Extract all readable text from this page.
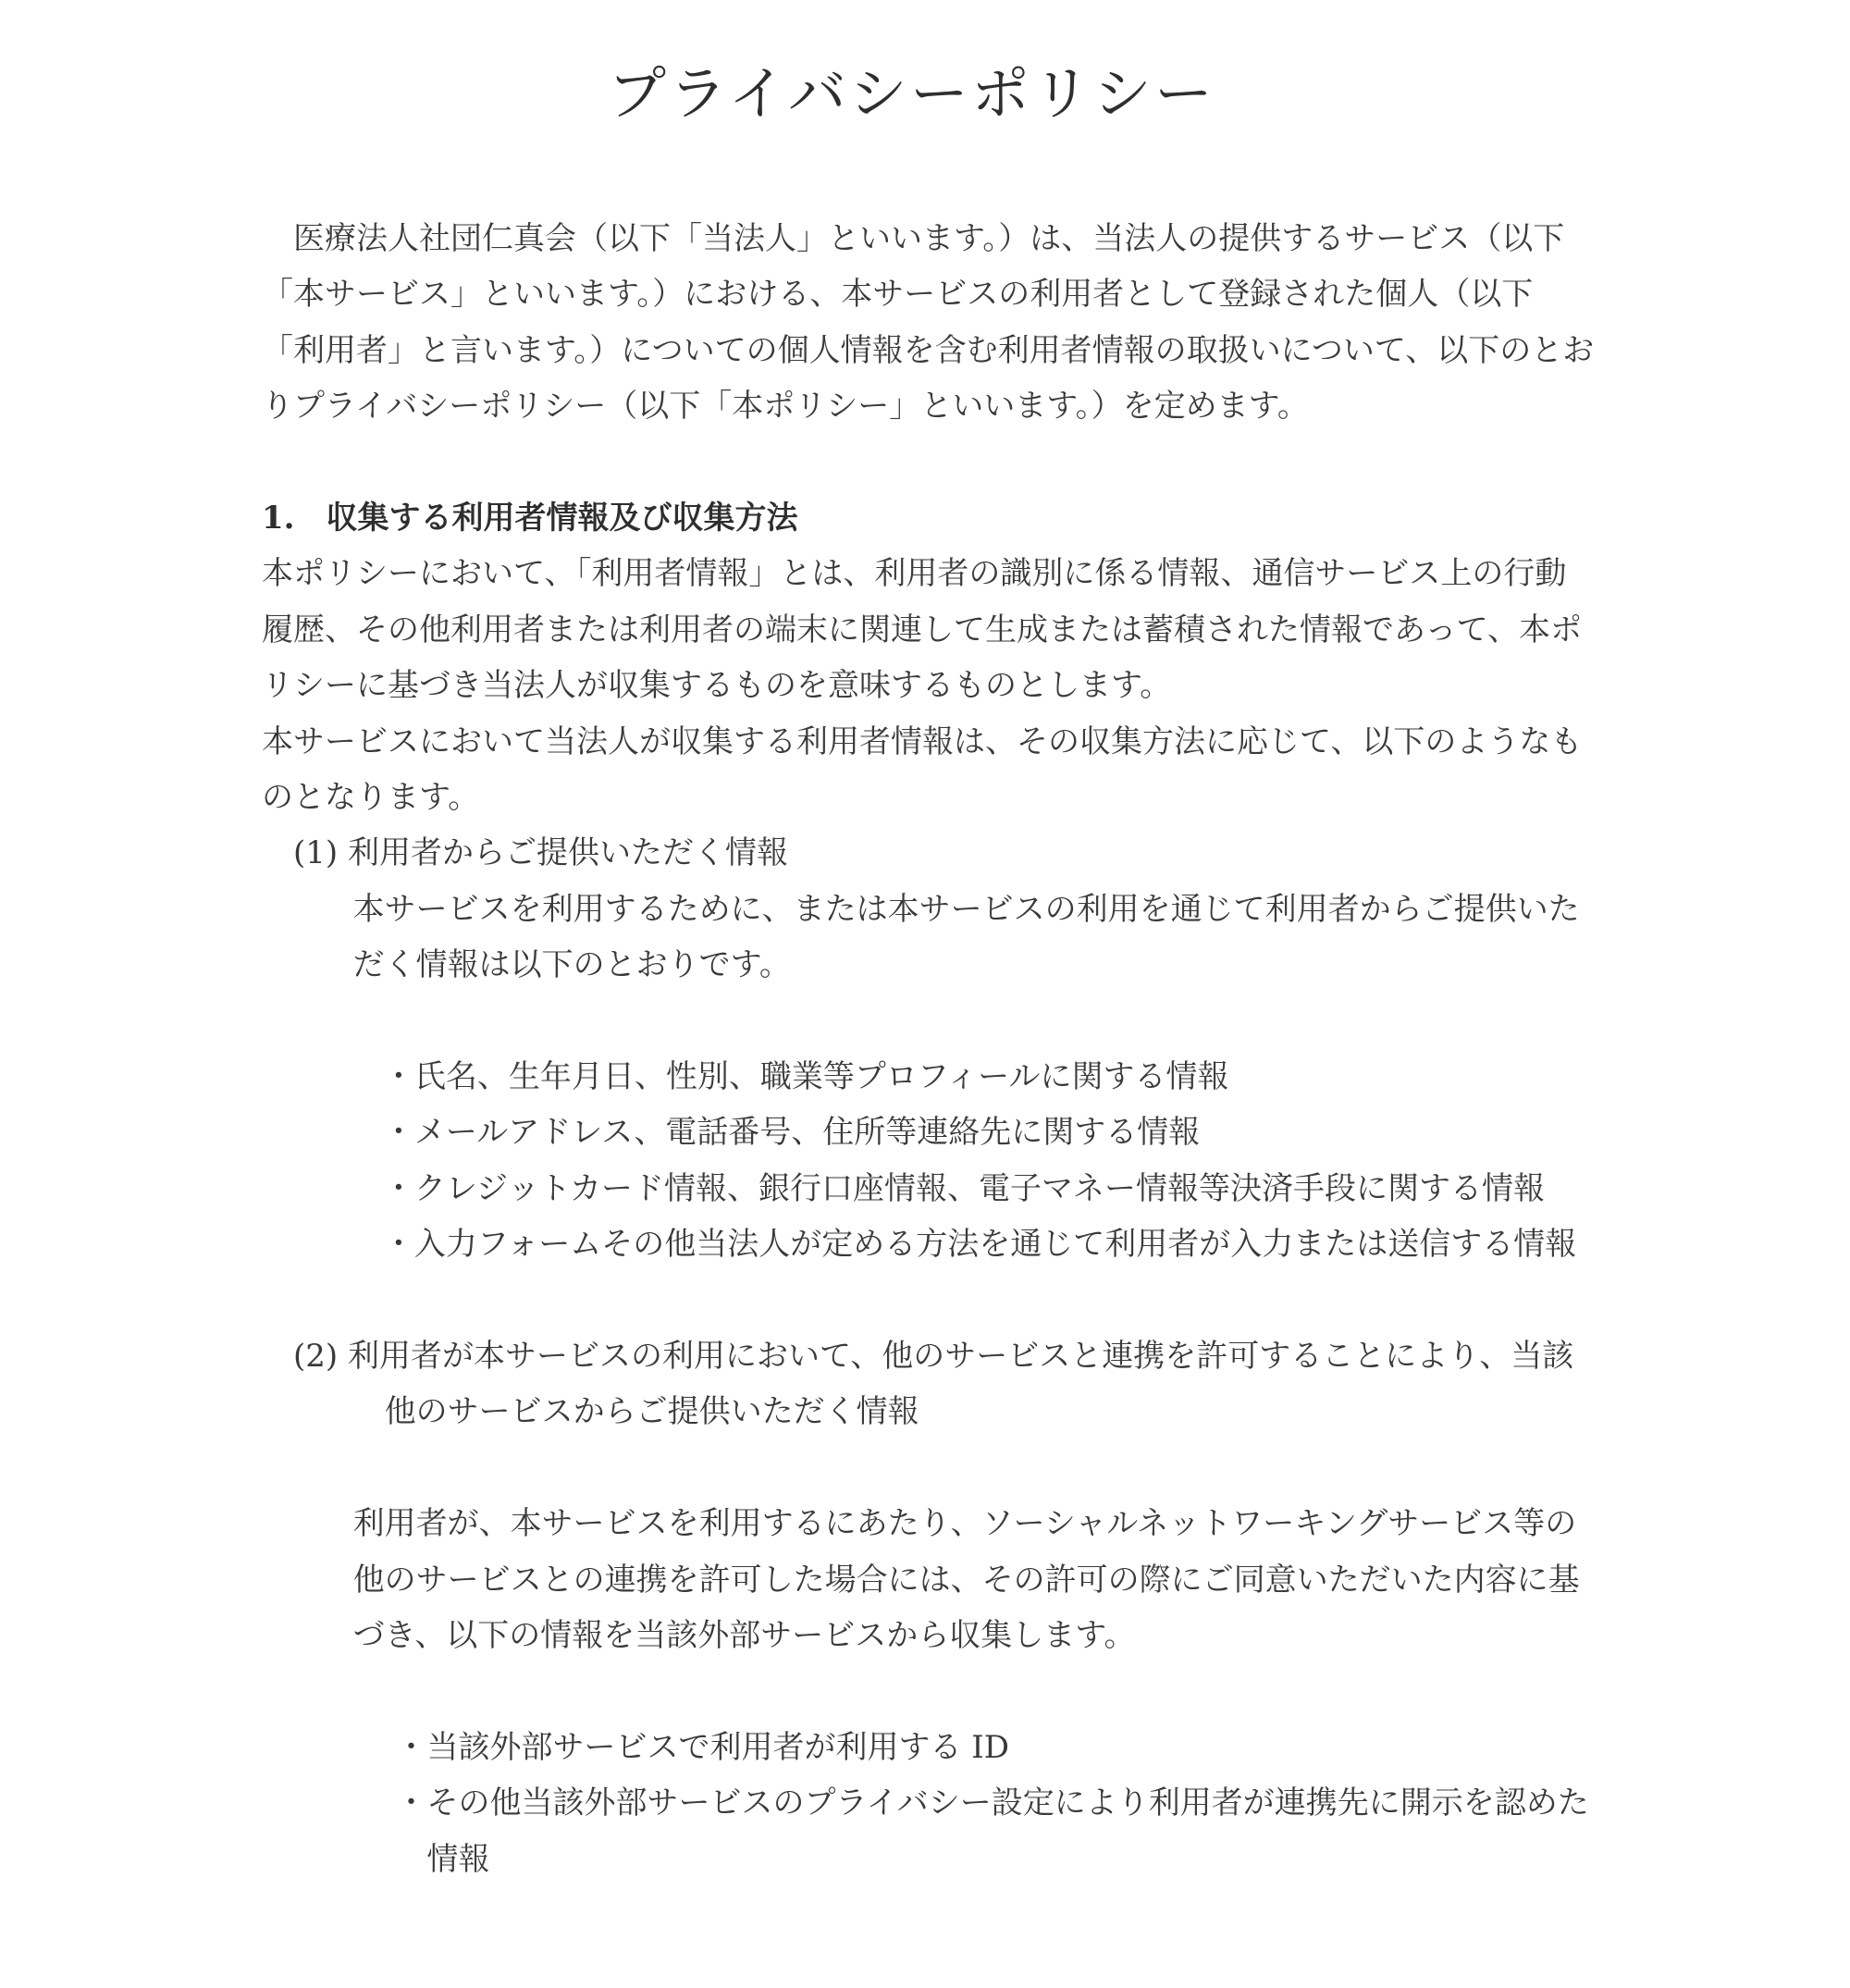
プライバシーポリシー

医療法人社団仁真会（以下「当法人」といいます。）は、当法人の提供するサービス（以下「本サービス」といいます。）における、本サービスの利用者として登録された個人（以下「利用者」と言います。）についての個人情報を含む利用者情報の取扱いについて、以下のとおりプライバシーポリシー（以下「本ポリシー」といいます。）を定めます。

1.　収集する利用者情報及び収集方法

本ポリシーにおいて、「利用者情報」とは、利用者の識別に係る情報、通信サービス上の行動履歴、その他利用者または利用者の端末に関連して生成または蓄積された情報であって、本ポリシーに基づき当法人が収集するものを意味するものとします。

本サービスにおいて当法人が収集する利用者情報は、その収集方法に応じて、以下のようなものとなります。

(1) 利用者からご提供いただく情報

本サービスを利用するために、または本サービスの利用を通じて利用者からご提供いただく情報は以下のとおりです。

・氏名、生年月日、性別、職業等プロフィールに関する情報
・メールアドレス、電話番号、住所等連絡先に関する情報
・クレジットカード情報、銀行口座情報、電子マネー情報等決済手段に関する情報
・入力フォームその他当法人が定める方法を通じて利用者が入力または送信する情報

(2) 利用者が本サービスの利用において、他のサービスと連携を許可することにより、当該他のサービスからご提供いただく情報

利用者が、本サービスを利用するにあたり、ソーシャルネットワーキングサービス等の他のサービスとの連携を許可した場合には、その許可の際にご同意いただいた内容に基づき、以下の情報を当該外部サービスから収集します。

・当該外部サービスで利用者が利用する ID
・その他当該外部サービスのプライバシー設定により利用者が連携先に開示を認めた情報
